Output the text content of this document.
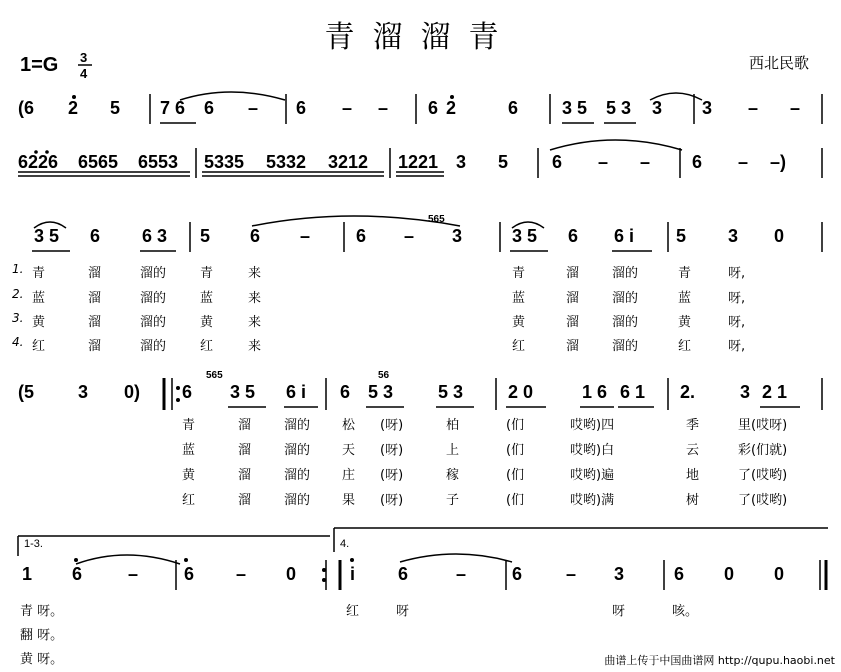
青溜溜青
1=G 3
4
西北民歌
(6 2 5 7 6 6 – 6 – – 6 2	6 3 5 5 3 3 3 – –
6226 6565 6553 5335 5332 3212 1221 3 5 6 – – 6 – –)
3 5 6 6 3 5 6 –	6 –
565
3	3 5 6 6 i 5 3 0
1. 青	溜	溜的	青	来
2. 蓝	溜	溜的	蓝	来
3. 黄	溜	溜的	黄	来
4. 红	溜	溜的	红	来
青	溜	溜的	青	呀,
蓝	溜	溜的	蓝	呀,
黄	溜	溜的	黄	呀,
红	溜	溜的	红	呀,
(5 3 0) 6
565
3 5 6 i 6
56
5 3 5 3 2 0	1 6 6 1 2. 3 2 1
青	溜	溜的 松 (呀)	柏	(们	哎哟)四	季	里(哎呀)
蓝	溜	溜的 天 (呀)	上	(们	哎哟)白	云	彩(们就)
黄	溜	溜的 庄 (呀)	稼	(们	哎哟)遍	地	了(哎哟)
红	溜	溜的 果 (呀)	子	(们	哎哟)满	树	了(哎哟)
1-3.
1 6	–	6 – 0
4.
i 6	–	6 – 3	6 0 0
青 呀。
翻 呀。
黄 呀。
红	呀	呀	咳。
曲谱上传于中国曲谱网 http://qupu.haobi.net
